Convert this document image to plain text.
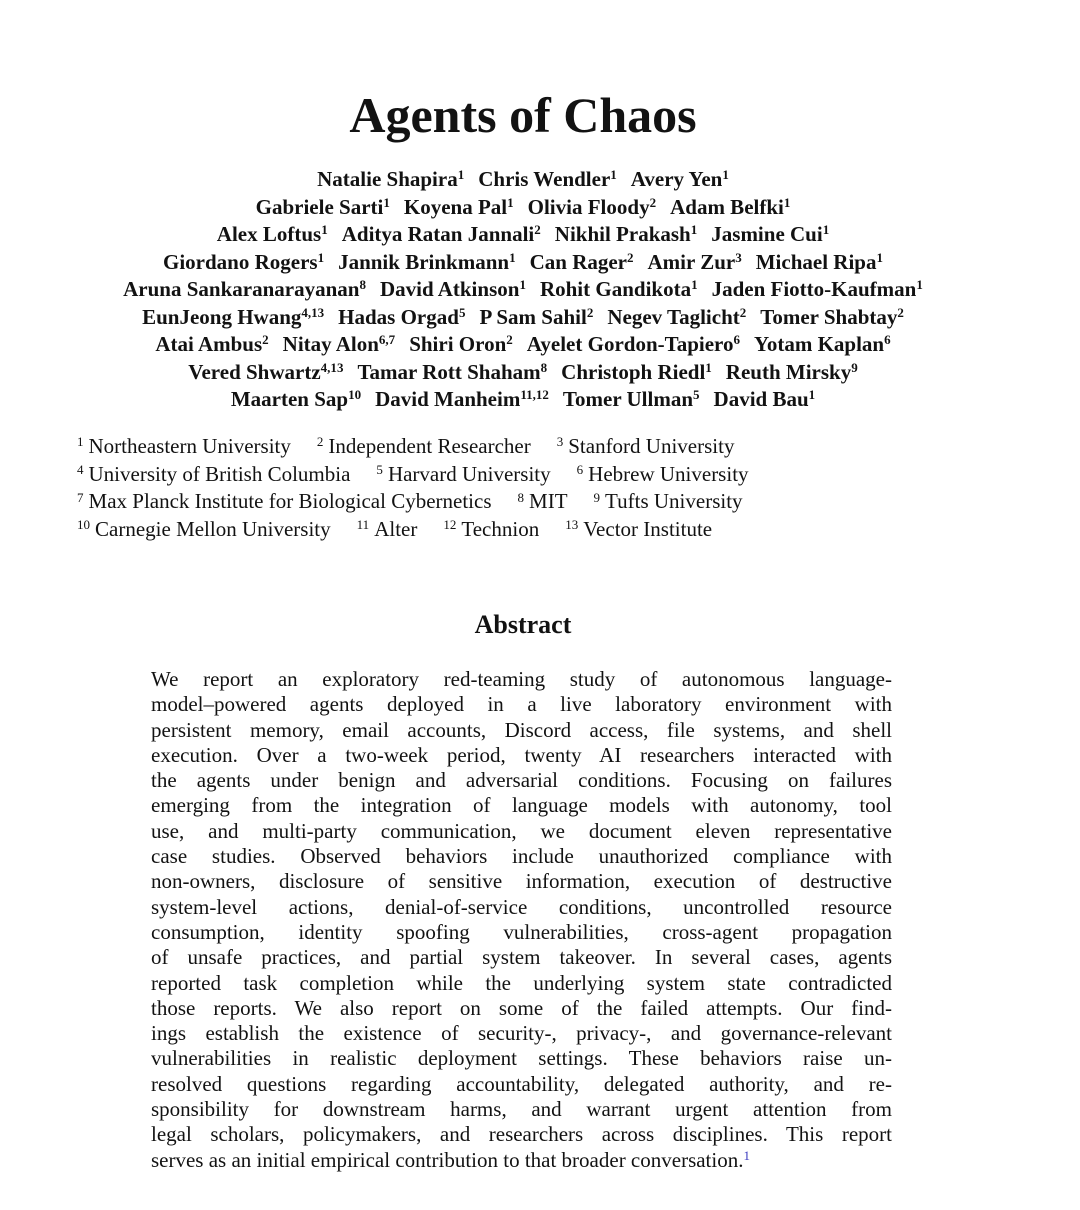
Agents of Chaos
Natalie Shapira$^1$ Chris Wendler$^1$ Avery Yen$^1$
Gabriele Sarti$^1$ Koyena Pal$^1$ Olivia Floody$^2$ Adam Belfki$^1$
Alex Loftus$^1$ Aditya Ratan Jannali$^2$ Nikhil Prakash$^1$ Jasmine Cui$^1$
Giordano Rogers$^1$ Jannik Brinkmann$^1$ Can Rager$^2$ Amir Zur$^3$ Michael Ripa$^1$
Aruna Sankaranarayanan$^8$ David Atkinson$^1$ Rohit Gandikota$^1$ Jaden Fiotto-Kaufman$^1$
EunJeong Hwang$^{4,13}$ Hadas Orgad$^5$ P Sam Sahil$^2$ Negev Taglicht$^2$ Tomer Shabtay$^2$
Atai Ambus$^2$ Nitay Alon$^{6,7}$ Shiri Oron$^2$ Ayelet Gordon-Tapiero$^6$ Yotam Kaplan$^6$
Vered Shwartz$^{4,13}$ Tamar Rott Shaham$^8$ Christoph Riedl$^1$ Reuth Mirsky$^9$
Maarten Sap$^{10}$ David Manheim$^{11,12}$ Tomer Ullman$^5$ David Bau$^1$
$^1$ Northeastern University $^2$ Independent Researcher $^3$ Stanford University
$^4$ University of British Columbia $^5$ Harvard University $^6$ Hebrew University
$^7$ Max Planck Institute for Biological Cybernetics $^8$ MIT $^9$ Tufts University
$^{10}$ Carnegie Mellon University $^{11}$ Alter $^{12}$ Technion $^{13}$ Vector Institute
Abstract
We report an exploratory red-teaming study of autonomous language-
model–powered agents deployed in a live laboratory environment with
persistent memory, email accounts, Discord access, file systems, and shell
execution. Over a two-week period, twenty AI researchers interacted with
the agents under benign and adversarial conditions. Focusing on failures
emerging from the integration of language models with autonomy, tool
use, and multi-party communication, we document eleven representative
case studies. Observed behaviors include unauthorized compliance with
non-owners, disclosure of sensitive information, execution of destructive
system-level actions, denial-of-service conditions, uncontrolled resource
consumption, identity spoofing vulnerabilities, cross-agent propagation
of unsafe practices, and partial system takeover. In several cases, agents
reported task completion while the underlying system state contradicted
those reports. We also report on some of the failed attempts. Our find-
ings establish the existence of security-, privacy-, and governance-relevant
vulnerabilities in realistic deployment settings. These behaviors raise un-
resolved questions regarding accountability, delegated authority, and re-
sponsibility for downstream harms, and warrant urgent attention from
legal scholars, policymakers, and researchers across disciplines. This report
serves as an initial empirical contribution to that broader conversation.$^1$
